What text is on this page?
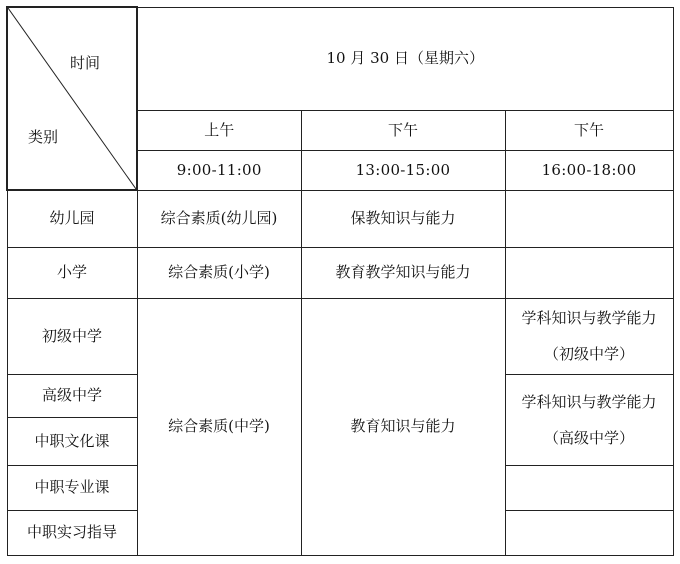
时间
类别	10 月 30 日（星期六）		
	上午	下午	下午
	9:00-11:00	13:00-15:00	16:00-18:00
幼儿园	综合素质(幼儿园)	保教知识与能力	
小学	综合素质(小学)	教育教学知识与能力	
初级中学	综合素质(中学)	教育知识与能力	学科知识与教学能力
（初级中学）

高级中学			学科知识与教学能力
（高级中学）

中职文化课			
中职专业课			
中职实习指导			
